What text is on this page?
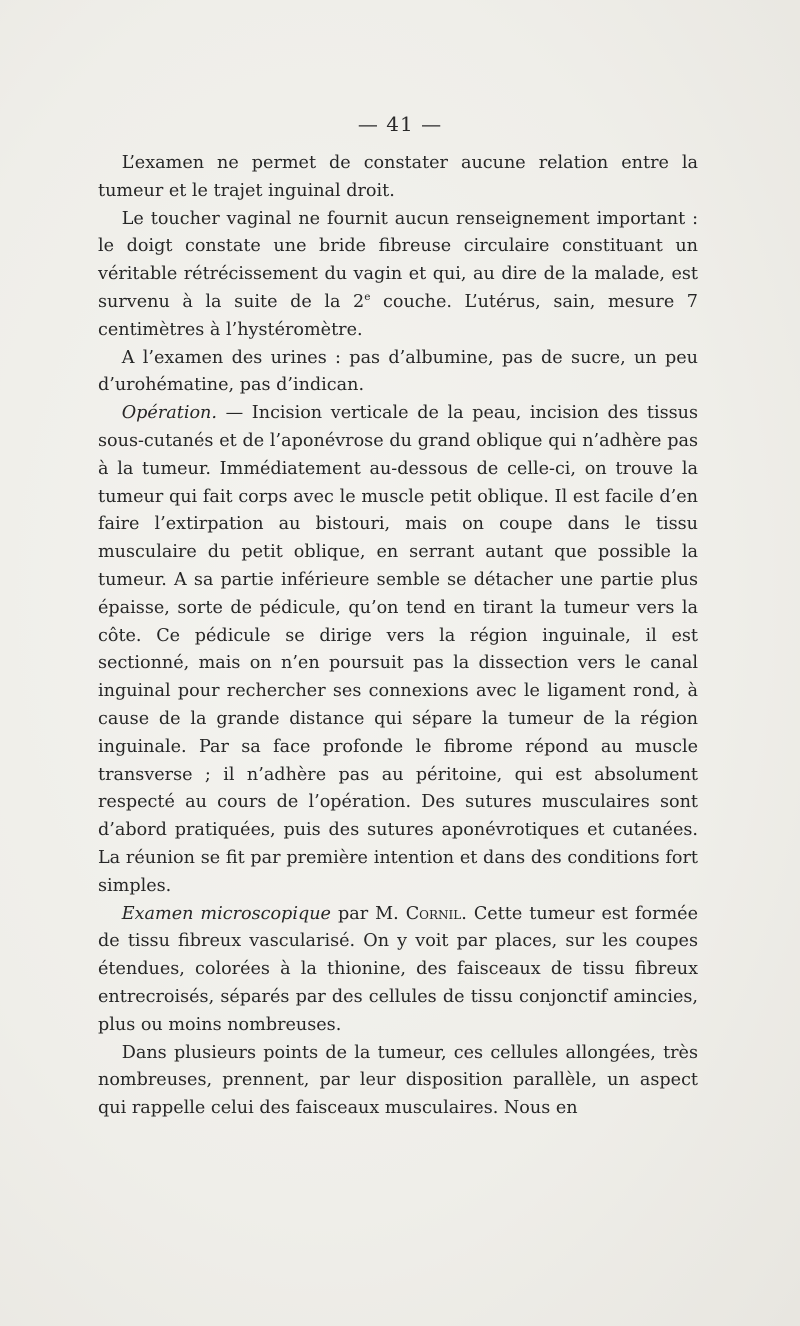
— 41 —

L’examen ne permet de constater aucune relation entre la tumeur et le trajet inguinal droit.

Le toucher vaginal ne fournit aucun renseignement important : le doigt constate une bride fibreuse circulaire constituant un véritable rétrécissement du vagin et qui, au dire de la malade, est survenu à la suite de la 2e couche. L’utérus, sain, mesure 7 centimètres à l’hystéromètre.

A l’examen des urines : pas d’albumine, pas de sucre, un peu d’urohématine, pas d’indican.

Opération. — Incision verticale de la peau, incision des tissus sous-cutanés et de l’aponévrose du grand oblique qui n’adhère pas à la tumeur. Immédiatement au-dessous de celle-ci, on trouve la tumeur qui fait corps avec le muscle petit oblique. Il est facile d’en faire l’extirpation au bistouri, mais on coupe dans le tissu musculaire du petit oblique, en serrant autant que possible la tumeur. A sa partie inférieure semble se détacher une partie plus épaisse, sorte de pédicule, qu’on tend en tirant la tumeur vers la côte. Ce pédicule se dirige vers la région inguinale, il est sectionné, mais on n’en poursuit pas la dissection vers le canal inguinal pour rechercher ses connexions avec le ligament rond, à cause de la grande distance qui sépare la tumeur de la région inguinale. Par sa face profonde le fibrome répond au muscle transverse ; il n’adhère pas au péritoine, qui est absolument respecté au cours de l’opération. Des sutures musculaires sont d’abord pratiquées, puis des sutures aponévrotiques et cutanées. La réunion se fit par première intention et dans des conditions fort simples.

Examen microscopique par M. Cornil. Cette tumeur est formée de tissu fibreux vascularisé. On y voit par places, sur les coupes étendues, colorées à la thionine, des faisceaux de tissu fibreux entrecroisés, séparés par des cellules de tissu conjonctif amincies, plus ou moins nombreuses.

Dans plusieurs points de la tumeur, ces cellules allongées, très nombreuses, prennent, par leur disposition parallèle, un aspect qui rappelle celui des faisceaux musculaires. Nous en
